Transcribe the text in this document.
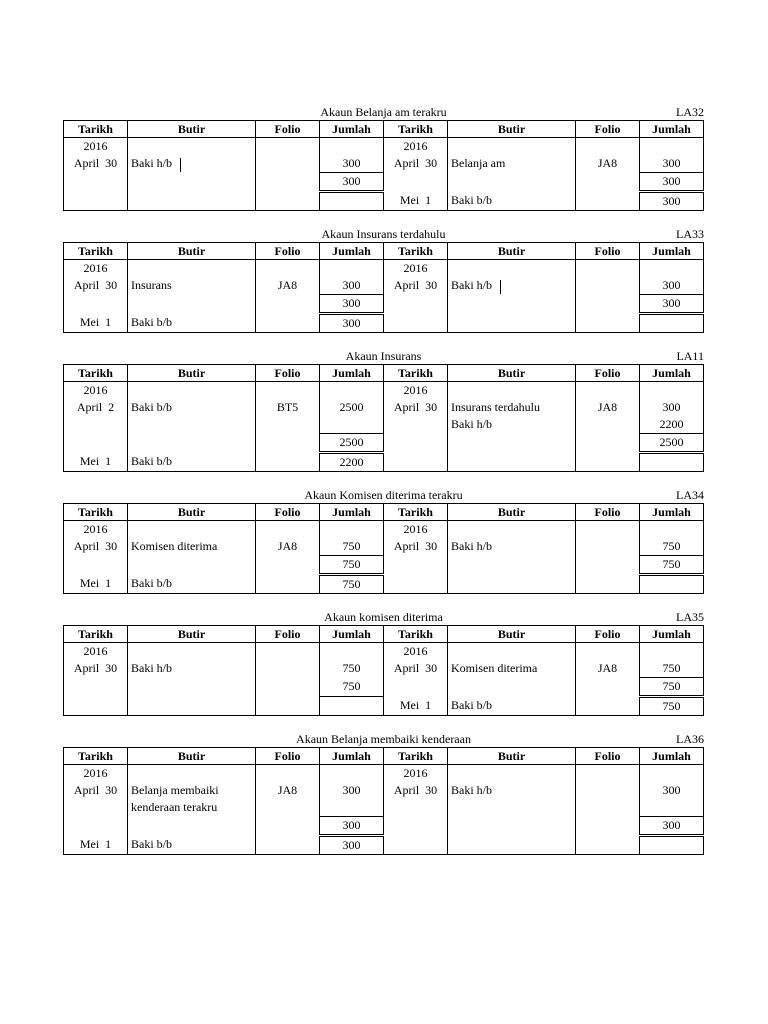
Akaun Belanja am terakru	LA32
Tarikh	Butir	Folio	Jumlah	Tarikh	Butir	Folio	Jumlah
2016				2016			
April  30	Baki h/b		300	April  30	Belanja am	JA8	300
			300				300
				Mei  1	Baki b/b		300
Akaun Insurans terdahulu	LA33
Tarikh	Butir	Folio	Jumlah	Tarikh	Butir	Folio	Jumlah
2016				2016			
April  30	Insurans	JA8	300	April  30	Baki h/b		300
			300				300
Mei  1	Baki b/b		300				
Akaun Insurans	LA11
Tarikh	Butir	Folio	Jumlah	Tarikh	Butir	Folio	Jumlah
2016				2016			
April  2	Baki b/b	BT5	2500	April  30	Insurans terdahulu	JA8	300
					Baki h/b		2200
			2500				2500
Mei  1	Baki b/b		2200				
Akaun Komisen diterima terakru	LA34
Tarikh	Butir	Folio	Jumlah	Tarikh	Butir	Folio	Jumlah
2016				2016			
April  30	Komisen diterima	JA8	750	April  30	Baki h/b		750
			750				750
Mei  1	Baki b/b		750				
Akaun komisen diterima	LA35
Tarikh	Butir	Folio	Jumlah	Tarikh	Butir	Folio	Jumlah
2016				2016			
April  30	Baki h/b		750	April  30	Komisen diterima	JA8	750
			750				750
				Mei  1	Baki b/b		750
Akaun Belanja membaiki kenderaan	LA36
Tarikh	Butir	Folio	Jumlah	Tarikh	Butir	Folio	Jumlah
2016				2016			
April  30	Belanja membaiki	JA8	300	April  30	Baki h/b		300
	kenderaan terakru						
			300				300
Mei  1	Baki b/b		300				
